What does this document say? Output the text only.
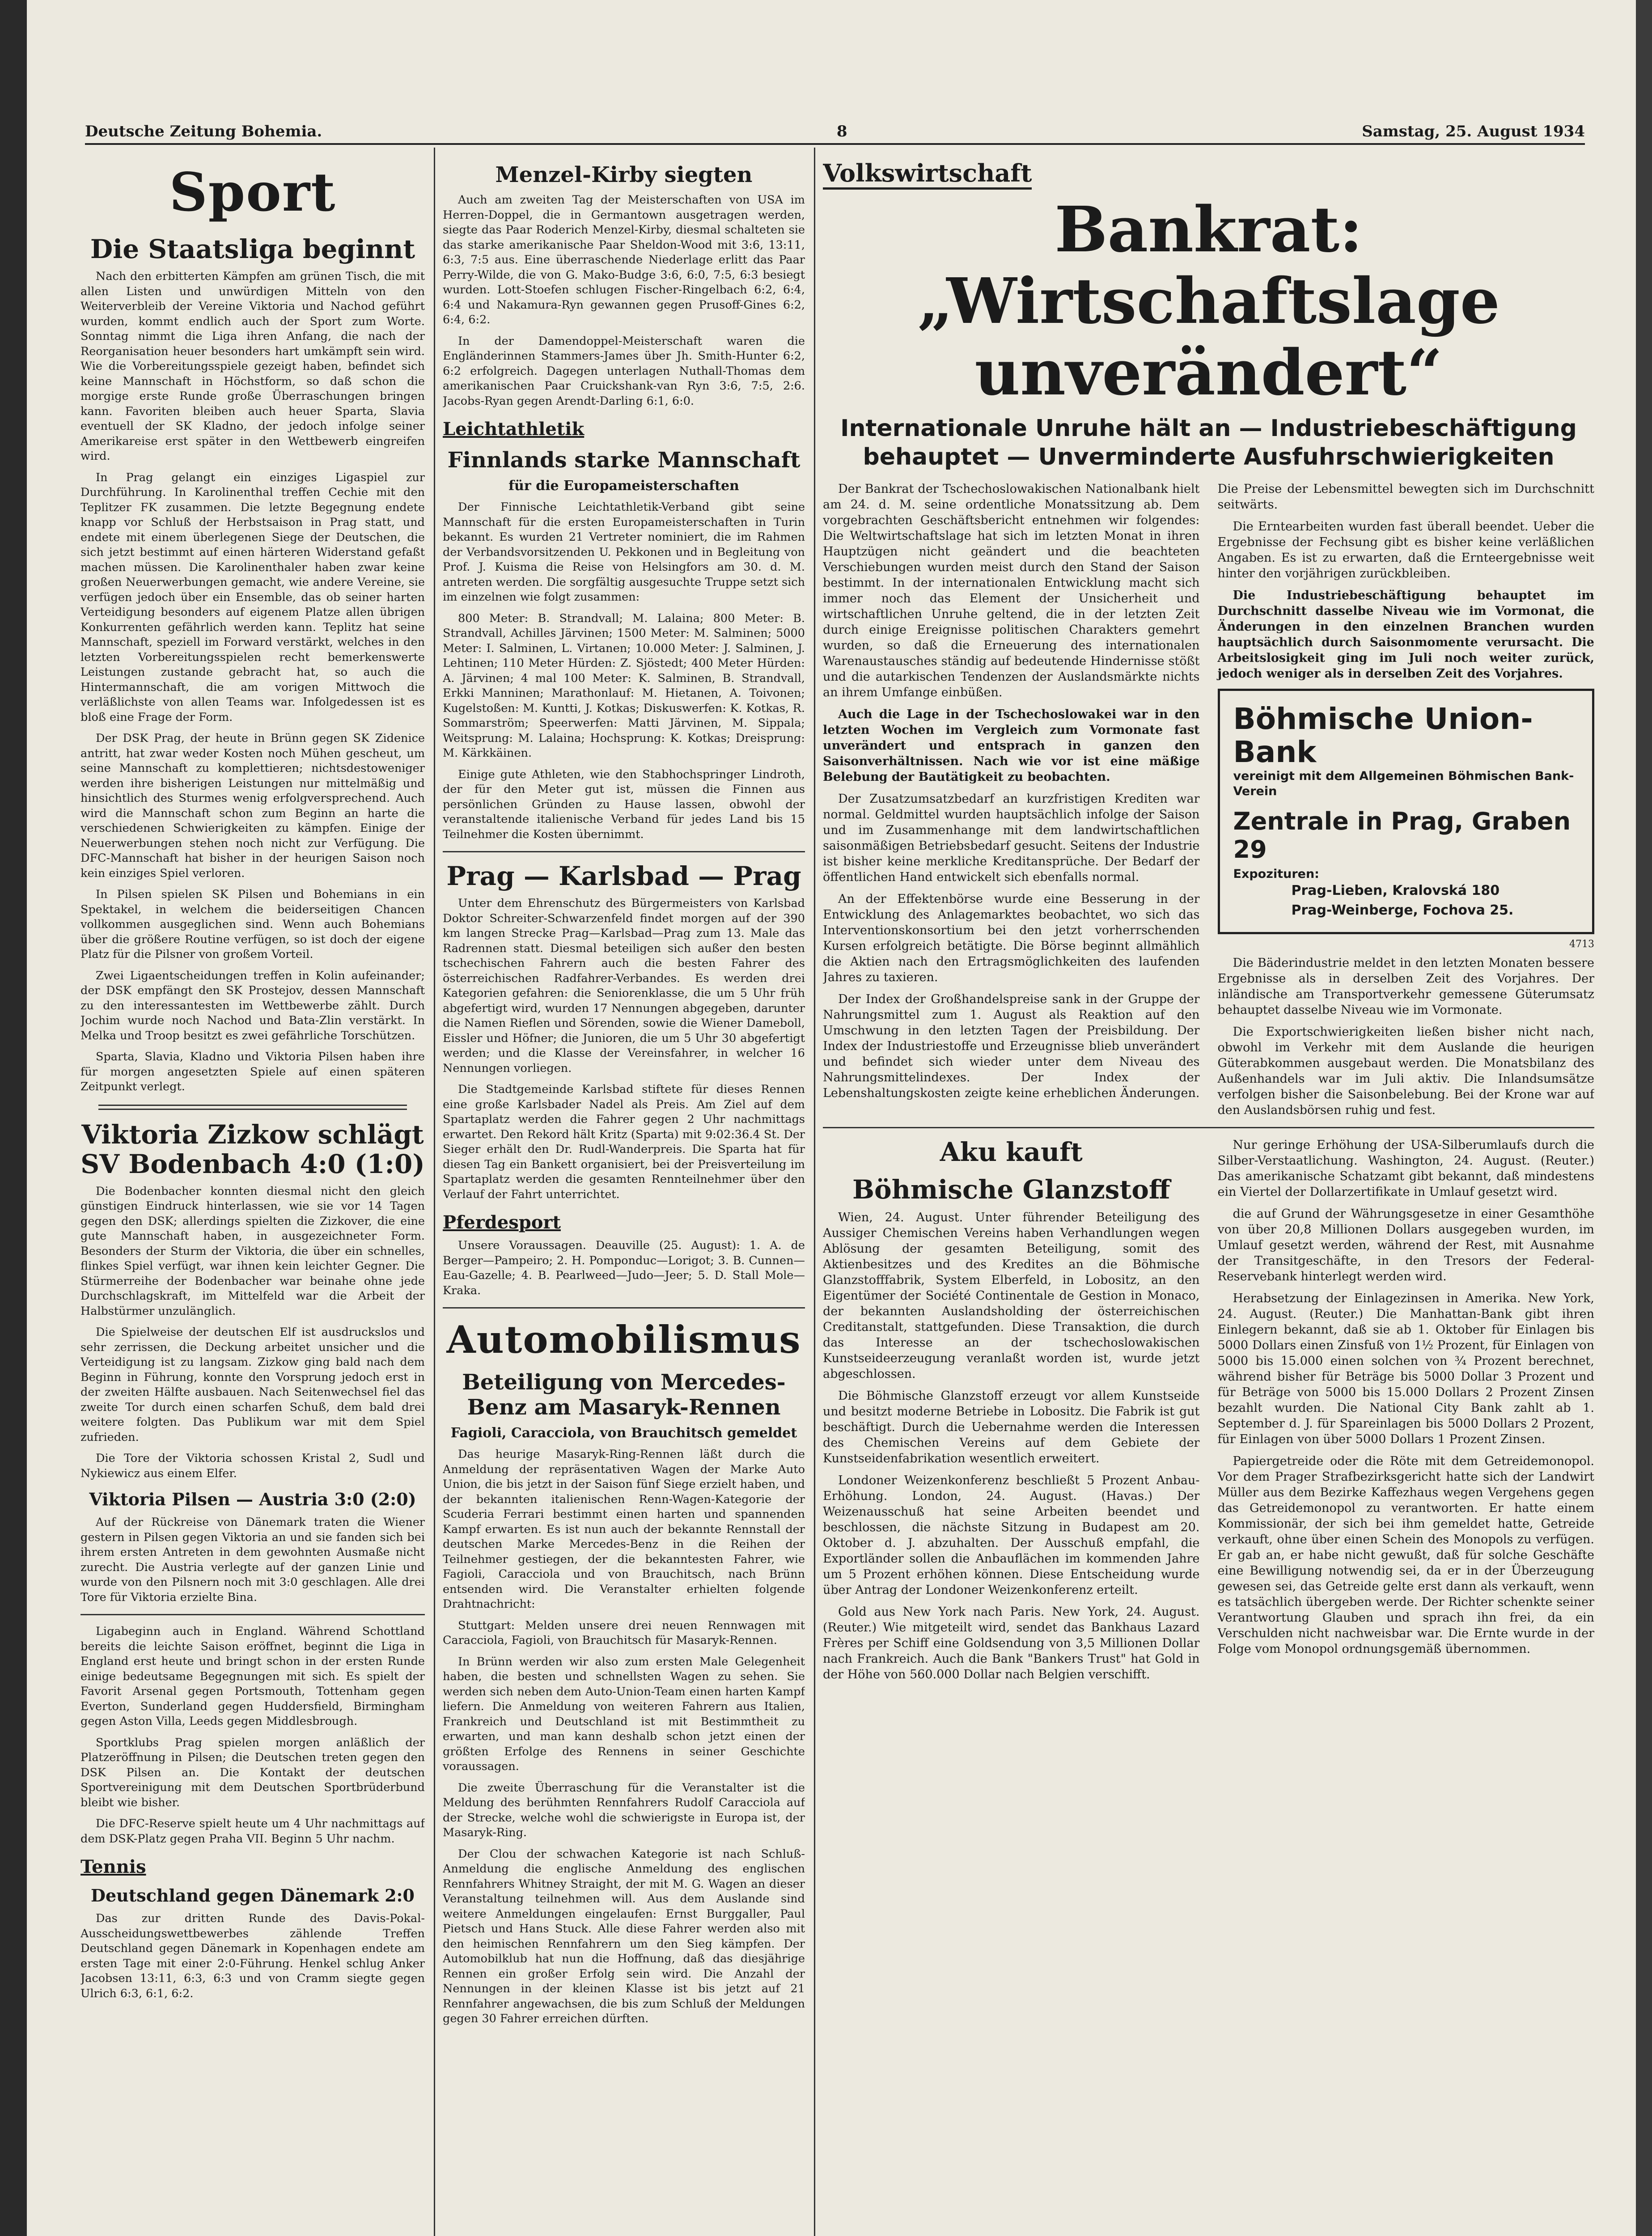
Deutsche Zeitung Bohemia.	8	Samstag, 25. August 1934
Sport
Die Staatsliga beginnt

Nach den erbitterten Kämpfen am grünen Tisch, die mit allen Listen und unwürdigen Mitteln von den Weiterverbleib der Vereine Viktoria und Nachod geführt wurden, kommt endlich auch der Sport zum Worte. Sonntag nimmt die Liga ihren Anfang, die nach der Reorganisation heuer besonders hart umkämpft sein wird. Wie die Vorbereitungsspiele gezeigt haben, befindet sich keine Mannschaft in Höchstform, so daß schon die morgige erste Runde große Überraschungen bringen kann. Favoriten bleiben auch heuer Sparta, Slavia eventuell der SK Kladno, der jedoch infolge seiner Amerikareise erst später in den Wettbewerb eingreifen wird.

In Prag gelangt ein einziges Ligaspiel zur Durchführung. In Karolinenthal treffen Cechie mit den Teplitzer FK zusammen. Die letzte Begegnung endete knapp vor Schluß der Herbstsaison in Prag statt, und endete mit einem überlegenen Siege der Deutschen, die sich jetzt bestimmt auf einen härteren Widerstand gefaßt machen müssen. Die Karolinenthaler haben zwar keine großen Neuerwerbungen gemacht, wie andere Vereine, sie verfügen jedoch über ein Ensemble, das ob seiner harten Verteidigung besonders auf eigenem Platze allen übrigen Konkurrenten gefährlich werden kann. Teplitz hat seine Mannschaft, speziell im Forward verstärkt, welches in den letzten Vorbereitungsspielen recht bemerkenswerte Leistungen zustande gebracht hat, so auch die Hintermannschaft, die am vorigen Mittwoch die verläßlichste von allen Teams war. Infolgedessen ist es bloß eine Frage der Form.

Der DSK Prag, der heute in Brünn gegen SK Zidenice antritt, hat zwar weder Kosten noch Mühen gescheut, um seine Mannschaft zu komplettieren; nichtsdestoweniger werden ihre bisherigen Leistungen nur mittelmäßig und hinsichtlich des Sturmes wenig erfolgversprechend. Auch wird die Mannschaft schon zum Beginn an harte die verschiedenen Schwierigkeiten zu kämpfen. Einige der Neuerwerbungen stehen noch nicht zur Verfügung. Die DFC-Mannschaft hat bisher in der heurigen Saison noch kein einziges Spiel verloren.

In Pilsen spielen SK Pilsen und Bohemians in ein Spektakel, in welchem die beiderseitigen Chancen vollkommen ausgeglichen sind. Wenn auch Bohemians über die größere Routine verfügen, so ist doch der eigene Platz für die Pilsner von großem Vorteil.

Zwei Ligaentscheidungen treffen in Kolin aufeinander; der DSK empfängt den SK Prostejov, dessen Mannschaft zu den interessantesten im Wettbewerbe zählt. Durch Jochim wurde noch Nachod und Bata-Zlin verstärkt. In Melka und Troop besitzt es zwei gefährliche Torschützen.

Sparta, Slavia, Kladno und Viktoria Pilsen haben ihre für morgen angesetzten Spiele auf einen späteren Zeitpunkt verlegt.

Viktoria Zizkow schlägt SV Bodenbach 4:0 (1:0)

Die Bodenbacher konnten diesmal nicht den gleich günstigen Eindruck hinterlassen, wie sie vor 14 Tagen gegen den DSK; allerdings spielten die Zizkover, die eine gute Mannschaft haben, in ausgezeichneter Form. Besonders der Sturm der Viktoria, die über ein schnelles, flinkes Spiel verfügt, war ihnen kein leichter Gegner. Die Stürmerreihe der Bodenbacher war beinahe ohne jede Durchschlagskraft, im Mittelfeld war die Arbeit der Halbstürmer unzulänglich.

Die Spielweise der deutschen Elf ist ausdruckslos und sehr zerrissen, die Deckung arbeitet unsicher und die Verteidigung ist zu langsam. Zizkow ging bald nach dem Beginn in Führung, konnte den Vorsprung jedoch erst in der zweiten Hälfte ausbauen. Nach Seitenwechsel fiel das zweite Tor durch einen scharfen Schuß, dem bald drei weitere folgten. Das Publikum war mit dem Spiel zufrieden.

Die Tore der Viktoria schossen Kristal 2, Sudl und Nykiewicz aus einem Elfer.

Viktoria Pilsen — Austria 3:0 (2:0)

Auf der Rückreise von Dänemark traten die Wiener gestern in Pilsen gegen Viktoria an und sie fanden sich bei ihrem ersten Antreten in dem gewohnten Ausmaße nicht zurecht. Die Austria verlegte auf der ganzen Linie und wurde von den Pilsnern noch mit 3:0 geschlagen. Alle drei Tore für Viktoria erzielte Bina.

Ligabeginn auch in England. Während Schottland bereits die leichte Saison eröffnet, beginnt die Liga in England erst heute und bringt schon in der ersten Runde einige bedeutsame Begegnungen mit sich. Es spielt der Favorit Arsenal gegen Portsmouth, Tottenham gegen Everton, Sunderland gegen Huddersfield, Birmingham gegen Aston Villa, Leeds gegen Middlesbrough.

Sportklubs Prag spielen morgen anläßlich der Platzeröffnung in Pilsen; die Deutschen treten gegen den DSK Pilsen an. Die Kontakt der deutschen Sportvereinigung mit dem Deutschen Sportbrüderbund bleibt wie bisher.

Die DFC-Reserve spielt heute um 4 Uhr nachmittags auf dem DSK-Platz gegen Praha VII. Beginn 5 Uhr nachm.

Tennis
Deutschland gegen Dänemark 2:0

Das zur dritten Runde des Davis-Pokal-Ausscheidungswettbewerbes zählende Treffen Deutschland gegen Dänemark in Kopenhagen endete am ersten Tage mit einer 2:0-Führung. Henkel schlug Anker Jacobsen 13:11, 6:3, 6:3 und von Cramm siegte gegen Ulrich 6:3, 6:1, 6:2.

Menzel-Kirby siegten

Auch am zweiten Tag der Meisterschaften von USA im Herren-Doppel, die in Germantown ausgetragen werden, siegte das Paar Roderich Menzel-Kirby, diesmal schalteten sie das starke amerikanische Paar Sheldon-Wood mit 3:6, 13:11, 6:3, 7:5 aus. Eine überraschende Niederlage erlitt das Paar Perry-Wilde, die von G. Mako-Budge 3:6, 6:0, 7:5, 6:3 besiegt wurden. Lott-Stoefen schlugen Fischer-Ringelbach 6:2, 6:4, 6:4 und Nakamura-Ryn gewannen gegen Prusoff-Gines 6:2, 6:4, 6:2.

In der Damendoppel-Meisterschaft waren die Engländerinnen Stammers-James über Jh. Smith-Hunter 6:2, 6:2 erfolgreich. Dagegen unterlagen Nuthall-Thomas dem amerikanischen Paar Cruickshank-van Ryn 3:6, 7:5, 2:6. Jacobs-Ryan gegen Arendt-Darling 6:1, 6:0.

Leichtathletik
Finnlands starke Mannschaft
für die Europameisterschaften

Der Finnische Leichtathletik-Verband gibt seine Mannschaft für die ersten Europameisterschaften in Turin bekannt. Es wurden 21 Vertreter nominiert, die im Rahmen der Verbandsvorsitzenden U. Pekkonen und in Begleitung von Prof. J. Kuisma die Reise von Helsingfors am 30. d. M. antreten werden. Die sorgfältig ausgesuchte Truppe setzt sich im einzelnen wie folgt zusammen:

800 Meter: B. Strandvall; M. Lalaina; 800 Meter: B. Strandvall, Achilles Järvinen; 1500 Meter: M. Salminen; 5000 Meter: I. Salminen, L. Virtanen; 10.000 Meter: J. Salminen, J. Lehtinen; 110 Meter Hürden: Z. Sjöstedt; 400 Meter Hürden: A. Järvinen; 4 mal 100 Meter: K. Salminen, B. Strandvall, Erkki Manninen; Marathonlauf: M. Hietanen, A. Toivonen; Kugelstoßen: M. Kuntti, J. Kotkas; Diskuswerfen: K. Kotkas, R. Sommarström; Speerwerfen: Matti Järvinen, M. Sippala; Weitsprung: M. Lalaina; Hochsprung: K. Kotkas; Dreisprung: M. Kärkkäinen.

Einige gute Athleten, wie den Stabhochspringer Lindroth, der für den Meter gut ist, müssen die Finnen aus persönlichen Gründen zu Hause lassen, obwohl der veranstaltende italienische Verband für jedes Land bis 15 Teilnehmer die Kosten übernimmt.

Prag — Karlsbad — Prag

Unter dem Ehrenschutz des Bürgermeisters von Karlsbad Doktor Schreiter-Schwarzenfeld findet morgen auf der 390 km langen Strecke Prag—Karlsbad—Prag zum 13. Male das Radrennen statt. Diesmal beteiligen sich außer den besten tschechischen Fahrern auch die besten Fahrer des österreichischen Radfahrer-Verbandes. Es werden drei Kategorien gefahren: die Seniorenklasse, die um 5 Uhr früh abgefertigt wird, wurden 17 Nennungen abgegeben, darunter die Namen Rieflen und Sörenden, sowie die Wiener Dameboll, Eissler und Höfner; die Junioren, die um 5 Uhr 30 abgefertigt werden; und die Klasse der Vereinsfahrer, in welcher 16 Nennungen vorliegen.

Die Stadtgemeinde Karlsbad stiftete für dieses Rennen eine große Karlsbader Nadel als Preis. Am Ziel auf dem Spartaplatz werden die Fahrer gegen 2 Uhr nachmittags erwartet. Den Rekord hält Kritz (Sparta) mit 9:02:36.4 St. Der Sieger erhält den Dr. Rudl-Wanderpreis. Die Sparta hat für diesen Tag ein Bankett organisiert, bei der Preisverteilung im Spartaplatz werden die gesamten Rennteilnehmer über den Verlauf der Fahrt unterrichtet.

Pferdesport

Unsere Voraussagen. Deauville (25. August): 1. A. de Berger—Pampeiro; 2. H. Pomponduc—Lorigot; 3. B. Cunnen—Eau-Gazelle; 4. B. Pearlweed—Judo—Jeer; 5. D. Stall Mole—Kraka.

Automobilismus
Beteiligung von Mercedes-Benz am Masaryk-Rennen
Fagioli, Caracciola, von Brauchitsch gemeldet

Das heurige Masaryk-Ring-Rennen läßt durch die Anmeldung der repräsentativen Wagen der Marke Auto Union, die bis jetzt in der Saison fünf Siege erzielt haben, und der bekannten italienischen Renn-Wagen-Kategorie der Scuderia Ferrari bestimmt einen harten und spannenden Kampf erwarten. Es ist nun auch der bekannte Rennstall der deutschen Marke Mercedes-Benz in die Reihen der Teilnehmer gestiegen, der die bekanntesten Fahrer, wie Fagioli, Caracciola und von Brauchitsch, nach Brünn entsenden wird. Die Veranstalter erhielten folgende Drahtnachricht:

Stuttgart: Melden unsere drei neuen Rennwagen mit Caracciola, Fagioli, von Brauchitsch für Masaryk-Rennen.

In Brünn werden wir also zum ersten Male Gelegenheit haben, die besten und schnellsten Wagen zu sehen. Sie werden sich neben dem Auto-Union-Team einen harten Kampf liefern. Die Anmeldung von weiteren Fahrern aus Italien, Frankreich und Deutschland ist mit Bestimmtheit zu erwarten, und man kann deshalb schon jetzt einen der größten Erfolge des Rennens in seiner Geschichte voraussagen.

Die zweite Überraschung für die Veranstalter ist die Meldung des berühmten Rennfahrers Rudolf Caracciola auf der Strecke, welche wohl die schwierigste in Europa ist, der Masaryk-Ring.

Der Clou der schwachen Kategorie ist nach Schluß-Anmeldung die englische Anmeldung des englischen Rennfahrers Whitney Straight, der mit M. G. Wagen an dieser Veranstaltung teilnehmen will. Aus dem Auslande sind weitere Anmeldungen eingelaufen: Ernst Burggaller, Paul Pietsch und Hans Stuck. Alle diese Fahrer werden also mit den heimischen Rennfahrern um den Sieg kämpfen. Der Automobilklub hat nun die Hoffnung, daß das diesjährige Rennen ein großer Erfolg sein wird. Die Anzahl der Nennungen in der kleinen Klasse ist bis jetzt auf 21 Rennfahrer angewachsen, die bis zum Schluß der Meldungen gegen 30 Fahrer erreichen dürften.

Volkswirtschaft
Bankrat: „Wirtschaftslage unverändert“
Internationale Unruhe hält an — Industriebeschäftigung behauptet — Unverminderte Ausfuhrschwierigkeiten

Der Bankrat der Tschechoslowakischen Nationalbank hielt am 24. d. M. seine ordentliche Monatssitzung ab. Dem vorgebrachten Geschäftsbericht entnehmen wir folgendes: Die Weltwirtschaftslage hat sich im letzten Monat in ihren Hauptzügen nicht geändert und die beachteten Verschiebungen wurden meist durch den Stand der Saison bestimmt. In der internationalen Entwicklung macht sich immer noch das Element der Unsicherheit und wirtschaftlichen Unruhe geltend, die in der letzten Zeit durch einige Ereignisse politischen Charakters gemehrt wurden, so daß die Erneuerung des internationalen Warenaustausches ständig auf bedeutende Hindernisse stößt und die autarkischen Tendenzen der Auslandsmärkte nichts an ihrem Umfange einbüßen.

Auch die Lage in der Tschechoslowakei war in den letzten Wochen im Vergleich zum Vormonate fast unverändert und entsprach in ganzen den Saisonverhältnissen. Nach wie vor ist eine mäßige Belebung der Bautätigkeit zu beobachten.

Der Zusatzumsatzbedarf an kurzfristigen Krediten war normal. Geldmittel wurden hauptsächlich infolge der Saison und im Zusammenhange mit dem landwirtschaftlichen saisonmäßigen Betriebsbedarf gesucht. Seitens der Industrie ist bisher keine merkliche Kreditansprüche. Der Bedarf der öffentlichen Hand entwickelt sich ebenfalls normal.

An der Effektenbörse wurde eine Besserung in der Entwicklung des Anlagemarktes beobachtet, wo sich das Interventionskonsortium bei den jetzt vorherrschenden Kursen erfolgreich betätigte. Die Börse beginnt allmählich die Aktien nach den Ertragsmöglichkeiten des laufenden Jahres zu taxieren.

Der Index der Großhandelspreise sank in der Gruppe der Nahrungsmittel zum 1. August als Reaktion auf den Umschwung in den letzten Tagen der Preisbildung. Der Index der Industriestoffe und Erzeugnisse blieb unverändert und befindet sich wieder unter dem Niveau des Nahrungsmittelindexes. Der Index der Lebenshaltungskosten zeigte keine erheblichen Änderungen. Die Preise der Lebensmittel bewegten sich im Durchschnitt seitwärts.

Die Erntearbeiten wurden fast überall beendet. Ueber die Ergebnisse der Fechsung gibt es bisher keine verläßlichen Angaben. Es ist zu erwarten, daß die Ernteergebnisse weit hinter den vorjährigen zurückbleiben.

Die Industriebeschäftigung behauptet im Durchschnitt dasselbe Niveau wie im Vormonat, die Änderungen in den einzelnen Branchen wurden hauptsächlich durch Saisonmomente verursacht. Die Arbeitslosigkeit ging im Juli noch weiter zurück, jedoch weniger als in derselben Zeit des Vorjahres.

Böhmische Union-Bank
vereinigt mit dem Allgemeinen Böhmischen Bank-Verein
Zentrale in Prag, Graben 29
Expozituren:
Prag-Lieben, Kralovská 180
Prag-Weinberge, Fochova 25.
4713

Die Bäderindustrie meldet in den letzten Monaten bessere Ergebnisse als in derselben Zeit des Vorjahres. Der inländische am Transportverkehr gemessene Güterumsatz behauptet dasselbe Niveau wie im Vormonate.

Die Exportschwierigkeiten ließen bisher nicht nach, obwohl im Verkehr mit dem Auslande die heurigen Güterabkommen ausgebaut werden. Die Monatsbilanz des Außenhandels war im Juli aktiv. Die Inlandsumsätze verfolgen bisher die Saisonbelebung. Bei der Krone war auf den Auslandsbörsen ruhig und fest.

Aku kauft
Böhmische Glanzstoff

Wien, 24. August. Unter führender Beteiligung des Aussiger Chemischen Vereins haben Verhandlungen wegen Ablösung der gesamten Beteiligung, somit des Aktienbesitzes und des Kredites an die Böhmische Glanzstofffabrik, System Elberfeld, in Lobositz, an den Eigentümer der Société Continentale de Gestion in Monaco, der bekannten Auslandsholding der österreichischen Creditanstalt, stattgefunden. Diese Transaktion, die durch das Interesse an der tschechoslowakischen Kunstseideerzeugung veranlaßt worden ist, wurde jetzt abgeschlossen.

Die Böhmische Glanzstoff erzeugt vor allem Kunstseide und besitzt moderne Betriebe in Lobositz. Die Fabrik ist gut beschäftigt. Durch die Uebernahme werden die Interessen des Chemischen Vereins auf dem Gebiete der Kunstseidenfabrikation wesentlich erweitert.

Londoner Weizenkonferenz beschließt 5 Prozent Anbau-Erhöhung. London, 24. August. (Havas.) Der Weizenausschuß hat seine Arbeiten beendet und beschlossen, die nächste Sitzung in Budapest am 20. Oktober d. J. abzuhalten. Der Ausschuß empfahl, die Exportländer sollen die Anbauflächen im kommenden Jahre um 5 Prozent erhöhen können. Diese Entscheidung wurde über Antrag der Londoner Weizenkonferenz erteilt.

Gold aus New York nach Paris. New York, 24. August. (Reuter.) Wie mitgeteilt wird, sendet das Bankhaus Lazard Frères per Schiff eine Goldsendung von 3,5 Millionen Dollar nach Frankreich. Auch die Bank "Bankers Trust" hat Gold in der Höhe von 560.000 Dollar nach Belgien verschifft.

Nur geringe Erhöhung der USA-Silberumlaufs durch die Silber-Verstaatlichung. Washington, 24. August. (Reuter.) Das amerikanische Schatzamt gibt bekannt, daß mindestens ein Viertel der Dollarzertifikate in Umlauf gesetzt wird.

die auf Grund der Währungsgesetze in einer Gesamthöhe von über 20,8 Millionen Dollars ausgegeben wurden, im Umlauf gesetzt werden, während der Rest, mit Ausnahme der Transitgeschäfte, in den Tresors der Federal-Reservebank hinterlegt werden wird.

Herabsetzung der Einlagezinsen in Amerika. New York, 24. August. (Reuter.) Die Manhattan-Bank gibt ihren Einlegern bekannt, daß sie ab 1. Oktober für Einlagen bis 5000 Dollars einen Zinsfuß von 1½ Prozent, für Einlagen von 5000 bis 15.000 einen solchen von ¾ Prozent berechnet, während bisher für Beträge bis 5000 Dollar 3 Prozent und für Beträge von 5000 bis 15.000 Dollars 2 Prozent Zinsen bezahlt wurden. Die National City Bank zahlt ab 1. September d. J. für Spareinlagen bis 5000 Dollars 2 Prozent, für Einlagen von über 5000 Dollars 1 Prozent Zinsen.

Papiergetreide oder die Röte mit dem Getreidemonopol. Vor dem Prager Strafbezirksgericht hatte sich der Landwirt Müller aus dem Bezirke Kaffezhaus wegen Vergehens gegen das Getreidemonopol zu verantworten. Er hatte einem Kommissionär, der sich bei ihm gemeldet hatte, Getreide verkauft, ohne über einen Schein des Monopols zu verfügen. Er gab an, er habe nicht gewußt, daß für solche Geschäfte eine Bewilligung notwendig sei, da er in der Überzeugung gewesen sei, das Getreide gelte erst dann als verkauft, wenn es tatsächlich übergeben werde. Der Richter schenkte seiner Verantwortung Glauben und sprach ihn frei, da ein Verschulden nicht nachweisbar war. Die Ernte wurde in der Folge vom Monopol ordnungsgemäß übernommen.
